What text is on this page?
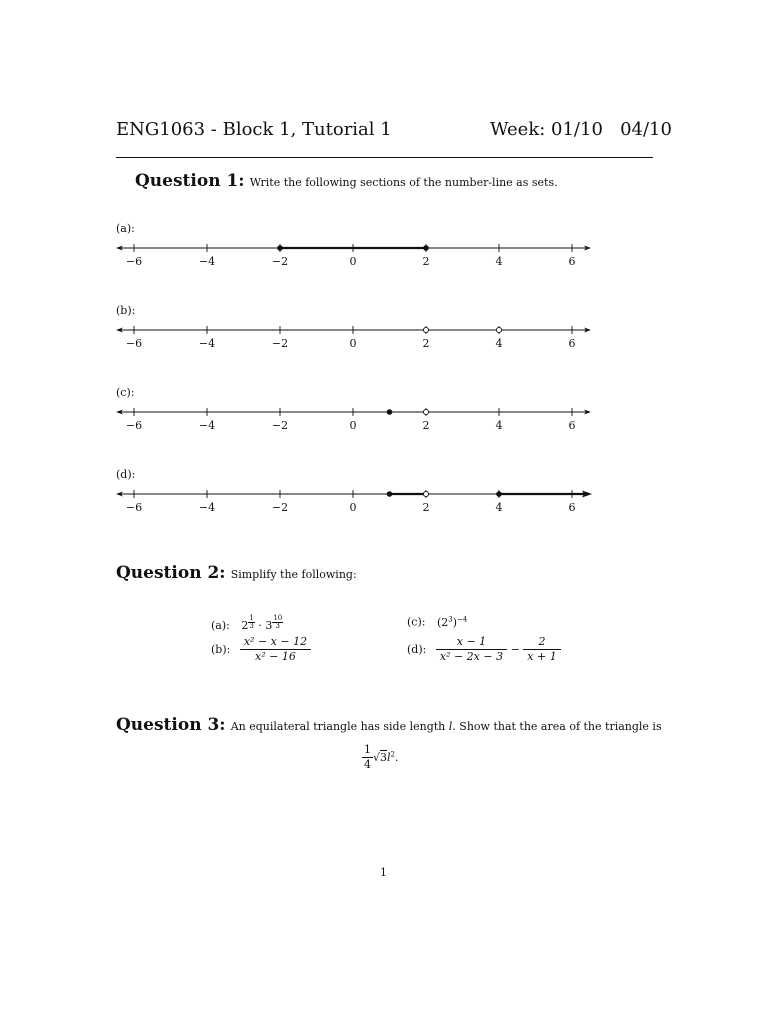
ENG1063 - Block 1, Tutorial 1	Week: 01/10 04/10
Question 1: Write the following sections of the number-line as sets.
(a):
−6	−4	−2	0	2	4	6
(b):
−6	−4	−2	0	2	4	6
(c):
−6	−4	−2	0	2	4	6
(d):
−6	−4	−2	0	2	4	6
Question 2: Simplify the following:
(a): 2 $^{\frac{1}{3}}$ · 3 $^{\frac{10}{3}}$
(b): $\frac{\text{x² − x − 12}}{\text{x² − 16}}$
(c): $(2^3)^{-4}$
(d): $\frac{x - 1}{\text{x² − 2x − 3}} - \frac{2}{x + 1}$
Question 3: An equilateral triangle has side length l. Show that the area of the triangle is
$\frac{1}{4} √3l^2$.
1
